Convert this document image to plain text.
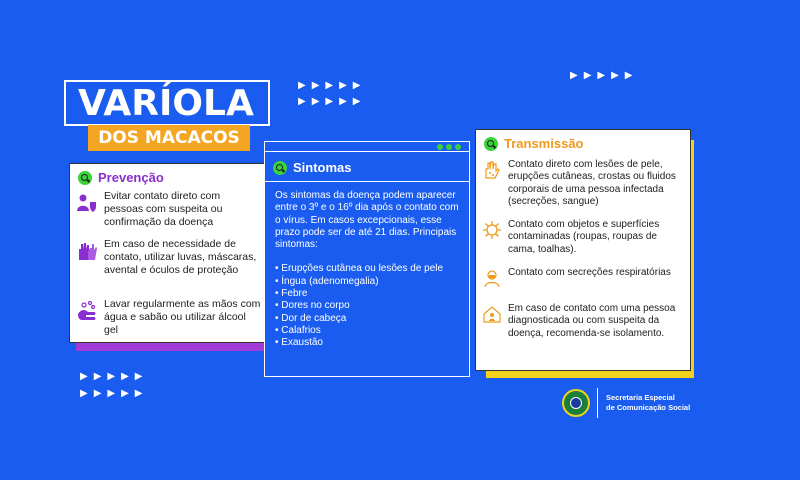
▶▶▶▶▶
▶▶▶▶▶
▶▶▶▶▶
▶▶▶▶▶
▶▶▶▶▶
VARÍOLA
DOS MACACOS
Prevenção
Evitar contato direto com pessoas com suspeita ou confirmação da doença
Em caso de necessidade de contato, utilizar luvas, máscaras, avental e óculos de proteção
Lavar regularmente as mãos com água e sabão ou utilizar álcool gel
Sintomas
Os sintomas da doença podem aparecer entre o 3º e o 16º dia após o contato com o vírus. Em casos excepcionais, esse prazo pode ser de até 21 dias. Principais sintomas:
• Erupções cutânea ou lesões de pele
• Íngua (adenomegalia)
• Febre
• Dores no corpo
• Dor de cabeça
• Calafrios
• Exaustão
Transmissão
Contato direto com lesões de pele, erupções cutâneas, crostas ou fluidos corporais de uma pessoa infectada (secreções, sangue)
Contato com objetos e superfícies contaminadas (roupas, roupas de cama, toalhas).
Contato com secreções respiratórias
Em caso de contato com uma pessoa diagnosticada ou com suspeita da doença, recomenda-se isolamento.
Secretaria Especial
de Comunicação Social
